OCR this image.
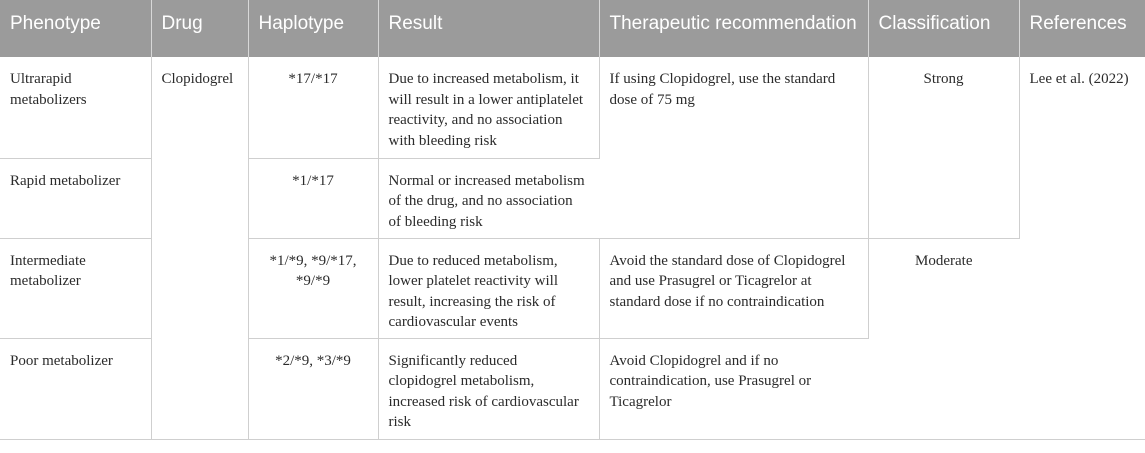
Phenotype	Drug	Haplotype	Result	Therapeutic recommendation	Classification	References
Ultrarapid metabolizers	Clopidogrel	*17/*17	Due to increased metabolism, it will result in a lower antiplatelet reactivity, and no association with bleeding risk	If using Clopidogrel, use the standard dose of 75 mg	Strong	Lee et al. (2022)
Rapid metabolizer		*1/*17	Normal or increased metabolism of the drug, and no association of bleeding risk			
Intermediate metabolizer		*1/*9, *9/*17, *9/*9	Due to reduced metabolism, lower platelet reactivity will result, increasing the risk of cardiovascular events	Avoid the standard dose of Clopidogrel and use Prasugrel or Ticagrelor at standard dose if no contraindication	Moderate	
Poor metabolizer		*2/*9, *3/*9	Significantly reduced clopidogrel metabolism, increased risk of cardiovascular risk	Avoid Clopidogrel and if no contraindication, use Prasugrel or Ticagrelor		
